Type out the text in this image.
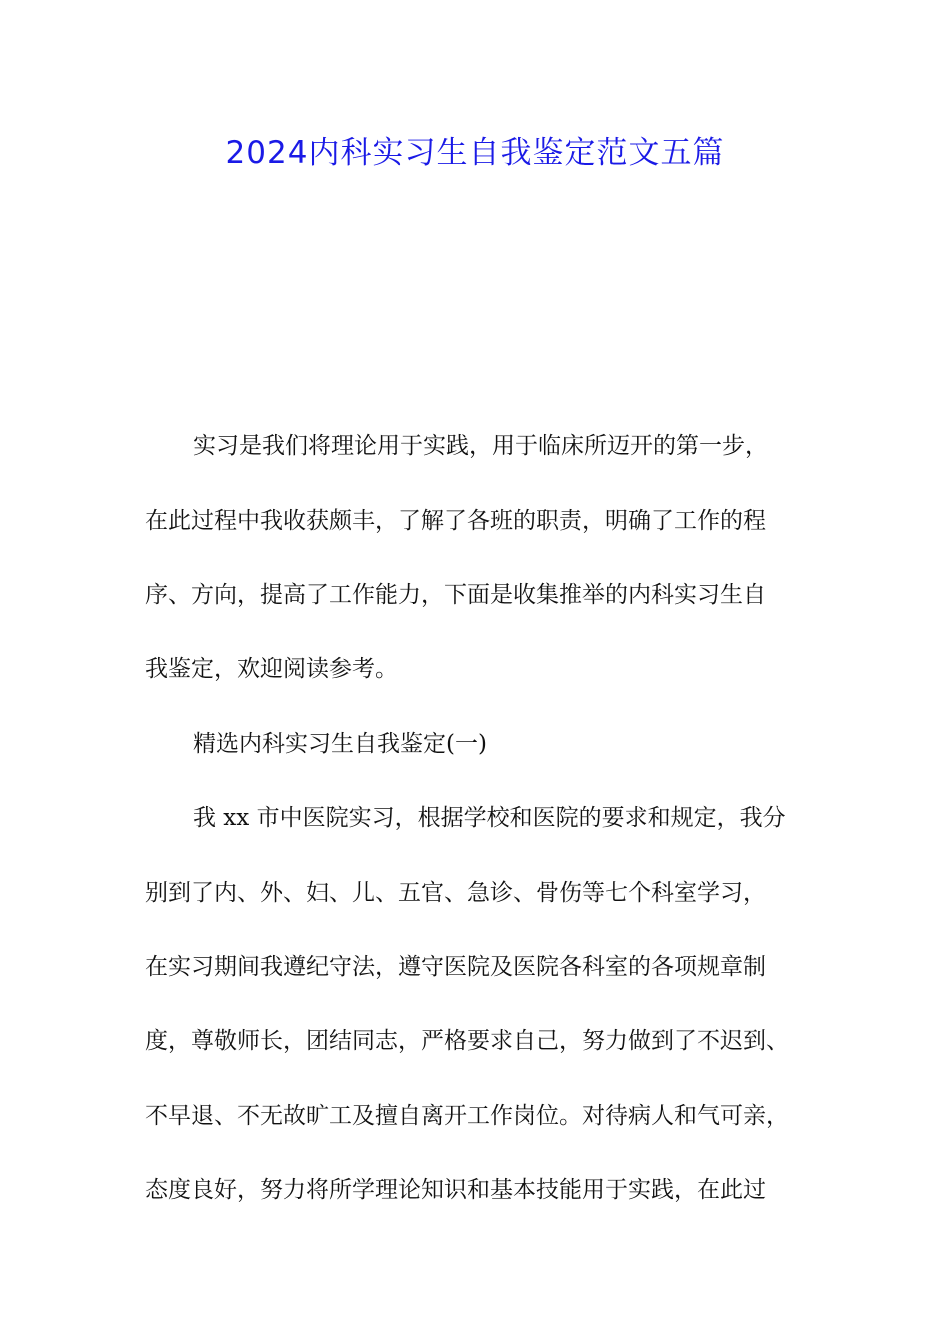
2024内科实习生自我鉴定范文五篇

实习是我们将理论用于实践，用于临床所迈开的第一步，

在此过程中我收获颇丰，了解了各班的职责，明确了工作的程

序、方向，提高了工作能力，下面是收集推举的内科实习生自

我鉴定，欢迎阅读参考。

精选内科实习生自我鉴定(一)

我 xx 市中医院实习，根据学校和医院的要求和规定，我分

别到了内、外、妇、儿、五官、急诊、骨伤等七个科室学习，

在实习期间我遵纪守法，遵守医院及医院各科室的各项规章制

度，尊敬师长，团结同志，严格要求自己，努力做到了不迟到、

不早退、不无故旷工及擅自离开工作岗位。对待病人和气可亲，

态度良好，努力将所学理论知识和基本技能用于实践，在此过
